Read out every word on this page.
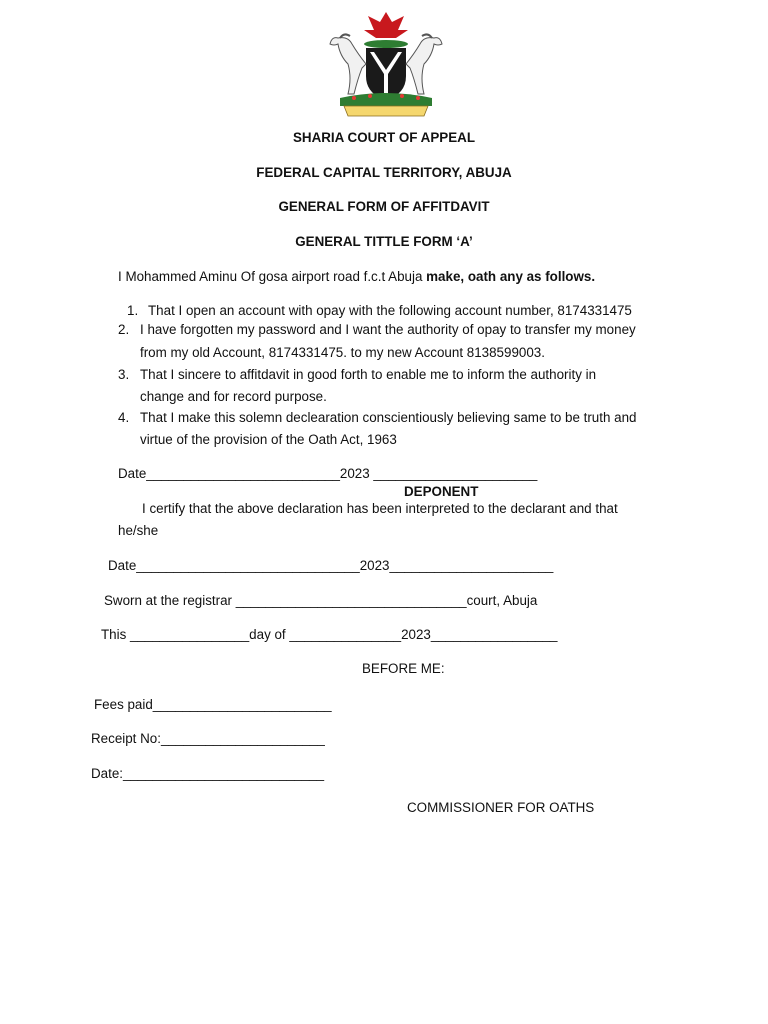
SHARIA COURT OF APPEAL
FEDERAL CAPITAL TERRITORY, ABUJA
GENERAL FORM OF AFFITDAVIT
GENERAL TITTLE FORM ‘A’
I Mohammed Aminu Of gosa airport road f.c.t Abuja make, oath any as follows.
1. That I open an account with opay with the following account number, 8174331475
2. I have forgotten my password and I want the authority of opay to transfer my money
from my old Account, 8174331475. to my new Account 8138599003.
3. That I sincere to affitdavit in good forth to enable me to inform the authority in
change and for record purpose.
4. That I make this solemn declearation conscientiously believing same to be truth and
virtue of the provision of the Oath Act, 1963
Date__________________________2023 ______________________
DEPONENT
I certify that the above declaration has been interpreted to the declarant and that
he/she
Date______________________________2023______________________
Sworn at the registrar _______________________________court, Abuja
This ________________day of _______________2023_________________
BEFORE ME:
Fees paid________________________
Receipt No:______________________
Date:___________________________
COMMISSIONER FOR OATHS
